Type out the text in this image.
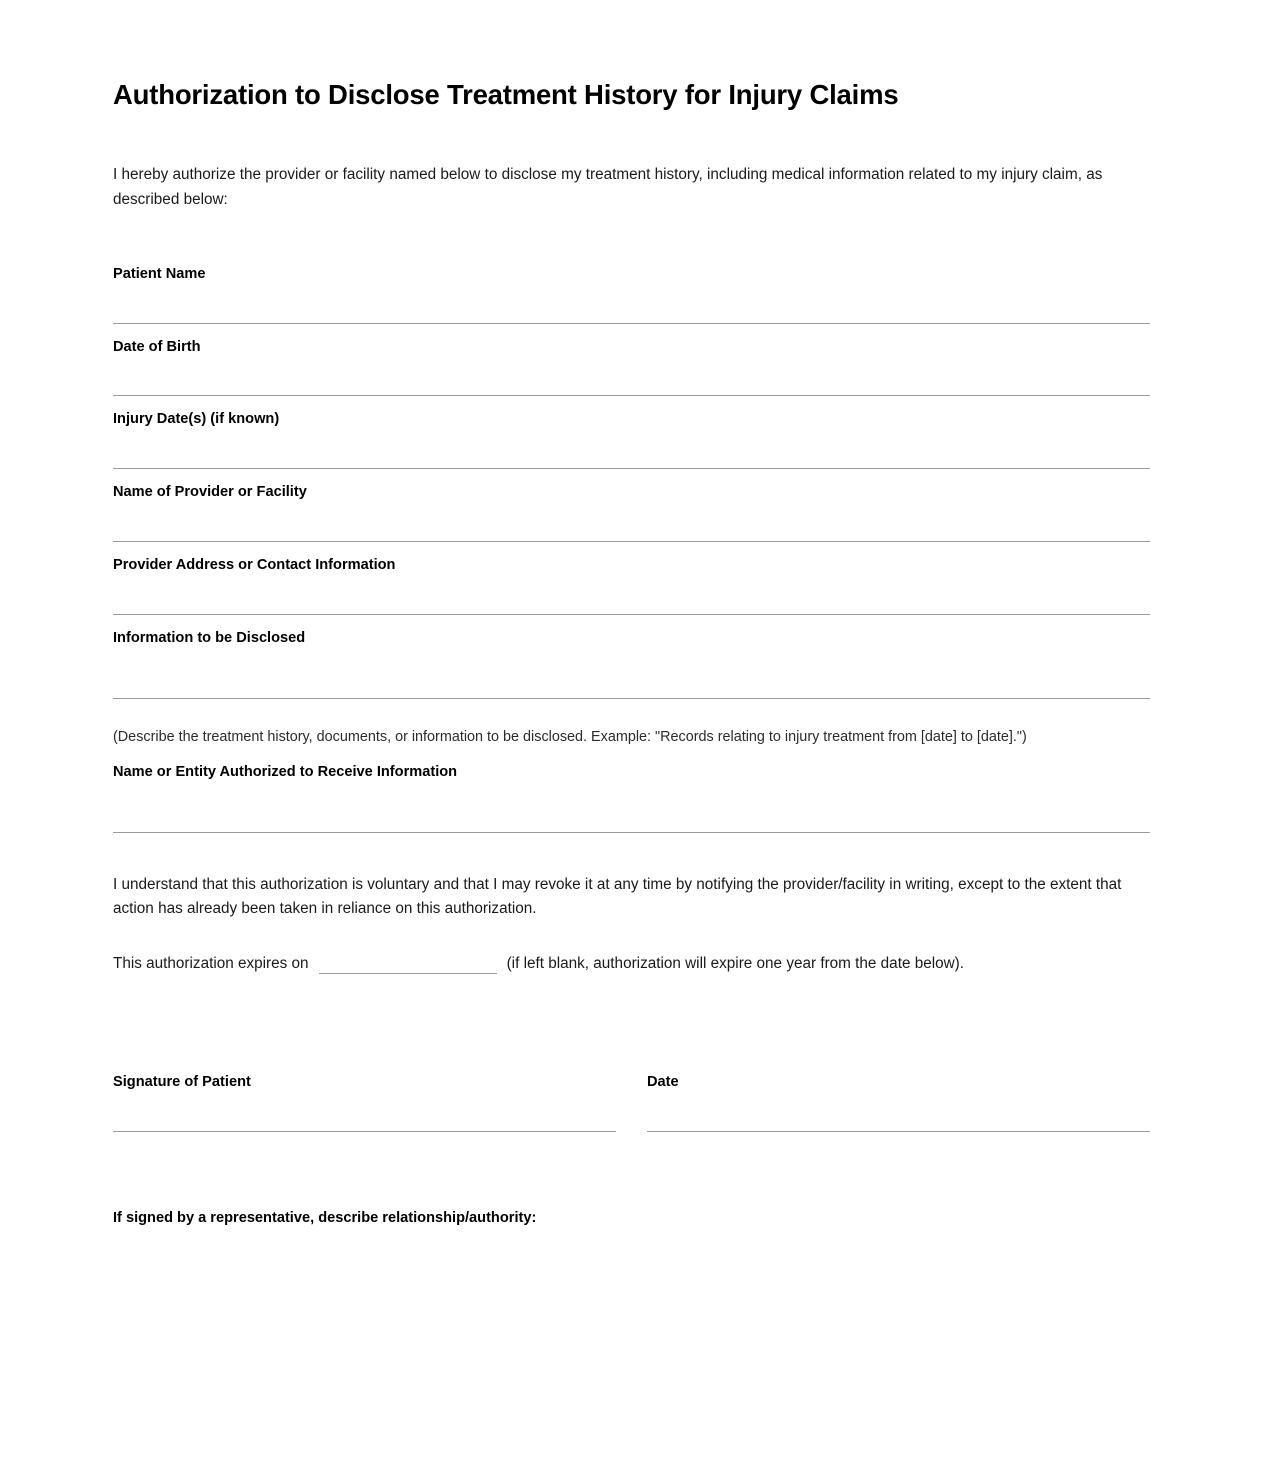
Authorization to Disclose Treatment History for Injury Claims

I hereby authorize the provider or facility named below to disclose my treatment history, including medical information related to my injury claim, as described below:

Patient Name
Date of Birth
Injury Date(s) (if known)
Name of Provider or Facility
Provider Address or Contact Information
Information to be Disclosed

(Describe the treatment history, documents, or information to be disclosed. Example: "Records relating to injury treatment from [date] to [date].")

Name or Entity Authorized to Receive Information

I understand that this authorization is voluntary and that I may revoke it at any time by notifying the provider/facility in writing, except to the extent that action has already been taken in reliance on this authorization.

This authorization expires on	(if left blank, authorization will expire one year from the date below).
Signature of Patient	Date
If signed by a representative, describe relationship/authority:
